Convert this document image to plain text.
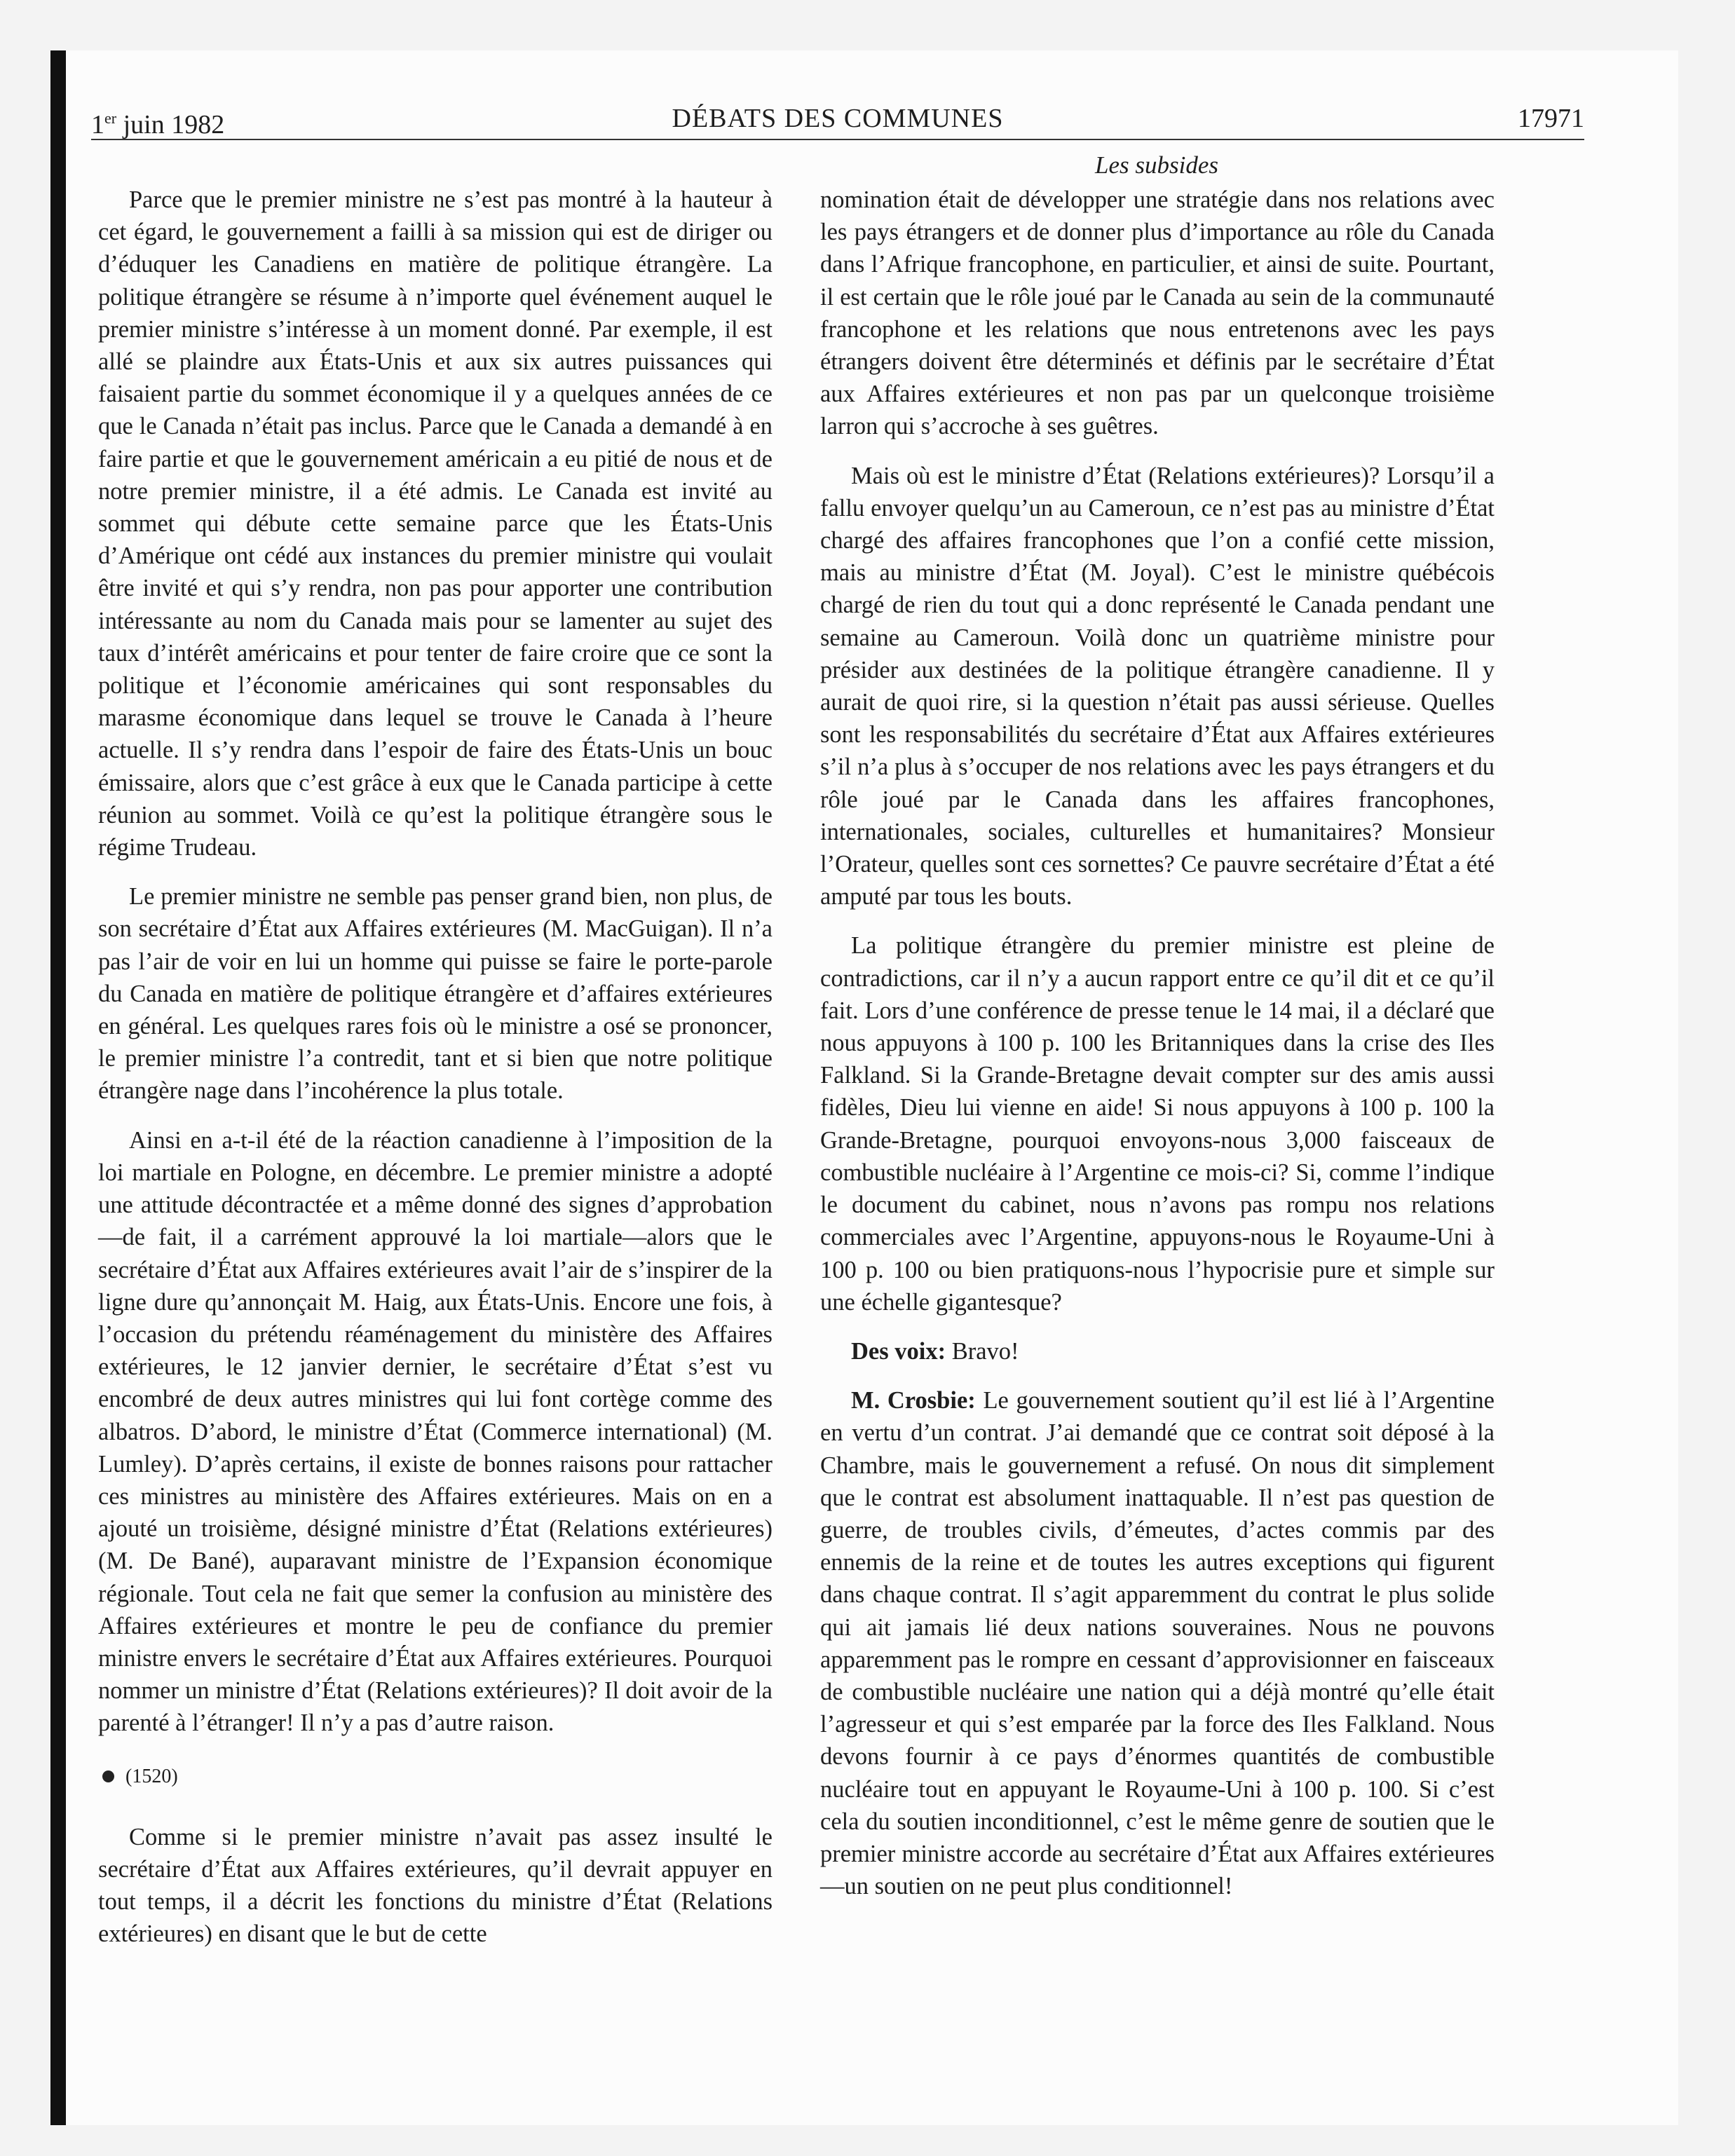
1er juin 1982	DÉBATS DES COMMUNES	17971
Les subsides

Parce que le premier ministre ne s’est pas montré à la hauteur à cet égard, le gouvernement a failli à sa mission qui est de diriger ou d’éduquer les Canadiens en matière de politique étrangère. La politique étrangère se résume à n’importe quel événement auquel le premier ministre s’intéresse à un moment donné. Par exemple, il est allé se plaindre aux États-Unis et aux six autres puissances qui faisaient partie du sommet économique il y a quelques années de ce que le Canada n’était pas inclus. Parce que le Canada a demandé à en faire partie et que le gouvernement américain a eu pitié de nous et de notre premier ministre, il a été admis. Le Canada est invité au sommet qui débute cette semaine parce que les États-Unis d’Amérique ont cédé aux instances du premier ministre qui voulait être invité et qui s’y rendra, non pas pour apporter une contribution intéressante au nom du Canada mais pour se lamenter au sujet des taux d’intérêt américains et pour tenter de faire croire que ce sont la politique et l’économie américaines qui sont responsables du marasme économique dans lequel se trouve le Canada à l’heure actuelle. Il s’y rendra dans l’espoir de faire des États-Unis un bouc émissaire, alors que c’est grâce à eux que le Canada participe à cette réunion au sommet. Voilà ce qu’est la politique étrangère sous le régime Trudeau.

Le premier ministre ne semble pas penser grand bien, non plus, de son secrétaire d’État aux Affaires extérieures (M. MacGuigan). Il n’a pas l’air de voir en lui un homme qui puisse se faire le porte-parole du Canada en matière de politique étrangère et d’affaires extérieures en général. Les quelques rares fois où le ministre a osé se prononcer, le premier ministre l’a contredit, tant et si bien que notre politique étrangère nage dans l’incohérence la plus totale.

Ainsi en a-t-il été de la réaction canadienne à l’imposition de la loi martiale en Pologne, en décembre. Le premier ministre a adopté une attitude décontractée et a même donné des signes d’approbation—de fait, il a carrément approuvé la loi martiale—alors que le secrétaire d’État aux Affaires extérieures avait l’air de s’inspirer de la ligne dure qu’annonçait M. Haig, aux États-Unis. Encore une fois, à l’occasion du prétendu réaménagement du ministère des Affaires extérieures, le 12 janvier dernier, le secrétaire d’État s’est vu encombré de deux autres ministres qui lui font cortège comme des albatros. D’abord, le ministre d’État (Commerce international) (M. Lumley). D’après certains, il existe de bonnes raisons pour rattacher ces ministres au ministère des Affaires extérieures. Mais on en a ajouté un troisième, désigné ministre d’État (Relations extérieures) (M. De Bané), auparavant ministre de l’Expansion économique régionale. Tout cela ne fait que semer la confusion au ministère des Affaires extérieures et montre le peu de confiance du premier ministre envers le secrétaire d’État aux Affaires extérieures. Pourquoi nommer un ministre d’État (Relations extérieures)? Il doit avoir de la parenté à l’étranger! Il n’y a pas d’autre raison.

(1520)

Comme si le premier ministre n’avait pas assez insulté le secrétaire d’État aux Affaires extérieures, qu’il devrait appuyer en tout temps, il a décrit les fonctions du ministre d’État (Relations extérieures) en disant que le but de cette

nomination était de développer une stratégie dans nos relations avec les pays étrangers et de donner plus d’importance au rôle du Canada dans l’Afrique francophone, en particulier, et ainsi de suite. Pourtant, il est certain que le rôle joué par le Canada au sein de la communauté francophone et les relations que nous entretenons avec les pays étrangers doivent être déterminés et définis par le secrétaire d’État aux Affaires extérieures et non pas par un quelconque troisième larron qui s’accroche à ses guêtres.

Mais où est le ministre d’État (Relations extérieures)? Lorsqu’il a fallu envoyer quelqu’un au Cameroun, ce n’est pas au ministre d’État chargé des affaires francophones que l’on a confié cette mission, mais au ministre d’État (M. Joyal). C’est le ministre québécois chargé de rien du tout qui a donc représenté le Canada pendant une semaine au Cameroun. Voilà donc un quatrième ministre pour présider aux destinées de la politique étrangère canadienne. Il y aurait de quoi rire, si la question n’était pas aussi sérieuse. Quelles sont les responsabilités du secrétaire d’État aux Affaires extérieures s’il n’a plus à s’occuper de nos relations avec les pays étrangers et du rôle joué par le Canada dans les affaires francophones, internationales, sociales, culturelles et humanitaires? Monsieur l’Orateur, quelles sont ces sornettes? Ce pauvre secrétaire d’État a été amputé par tous les bouts.

La politique étrangère du premier ministre est pleine de contradictions, car il n’y a aucun rapport entre ce qu’il dit et ce qu’il fait. Lors d’une conférence de presse tenue le 14 mai, il a déclaré que nous appuyons à 100 p. 100 les Britanniques dans la crise des Iles Falkland. Si la Grande-Bretagne devait compter sur des amis aussi fidèles, Dieu lui vienne en aide! Si nous appuyons à 100 p. 100 la Grande-Bretagne, pourquoi envoyons-nous 3,000 faisceaux de combustible nucléaire à l’Argentine ce mois-ci? Si, comme l’indique le document du cabinet, nous n’avons pas rompu nos relations commerciales avec l’Argentine, appuyons-nous le Royaume-Uni à 100 p. 100 ou bien pratiquons-nous l’hypocrisie pure et simple sur une échelle gigantesque?

Des voix: Bravo!

M. Crosbie: Le gouvernement soutient qu’il est lié à l’Argentine en vertu d’un contrat. J’ai demandé que ce contrat soit déposé à la Chambre, mais le gouvernement a refusé. On nous dit simplement que le contrat est absolument inattaquable. Il n’est pas question de guerre, de troubles civils, d’émeutes, d’actes commis par des ennemis de la reine et de toutes les autres exceptions qui figurent dans chaque contrat. Il s’agit apparemment du contrat le plus solide qui ait jamais lié deux nations souveraines. Nous ne pouvons apparemment pas le rompre en cessant d’approvisionner en faisceaux de combustible nucléaire une nation qui a déjà montré qu’elle était l’agresseur et qui s’est emparée par la force des Iles Falkland. Nous devons fournir à ce pays d’énormes quantités de combustible nucléaire tout en appuyant le Royaume-Uni à 100 p. 100. Si c’est cela du soutien inconditionnel, c’est le même genre de soutien que le premier ministre accorde au secrétaire d’État aux Affaires extérieures—un soutien on ne peut plus conditionnel!
